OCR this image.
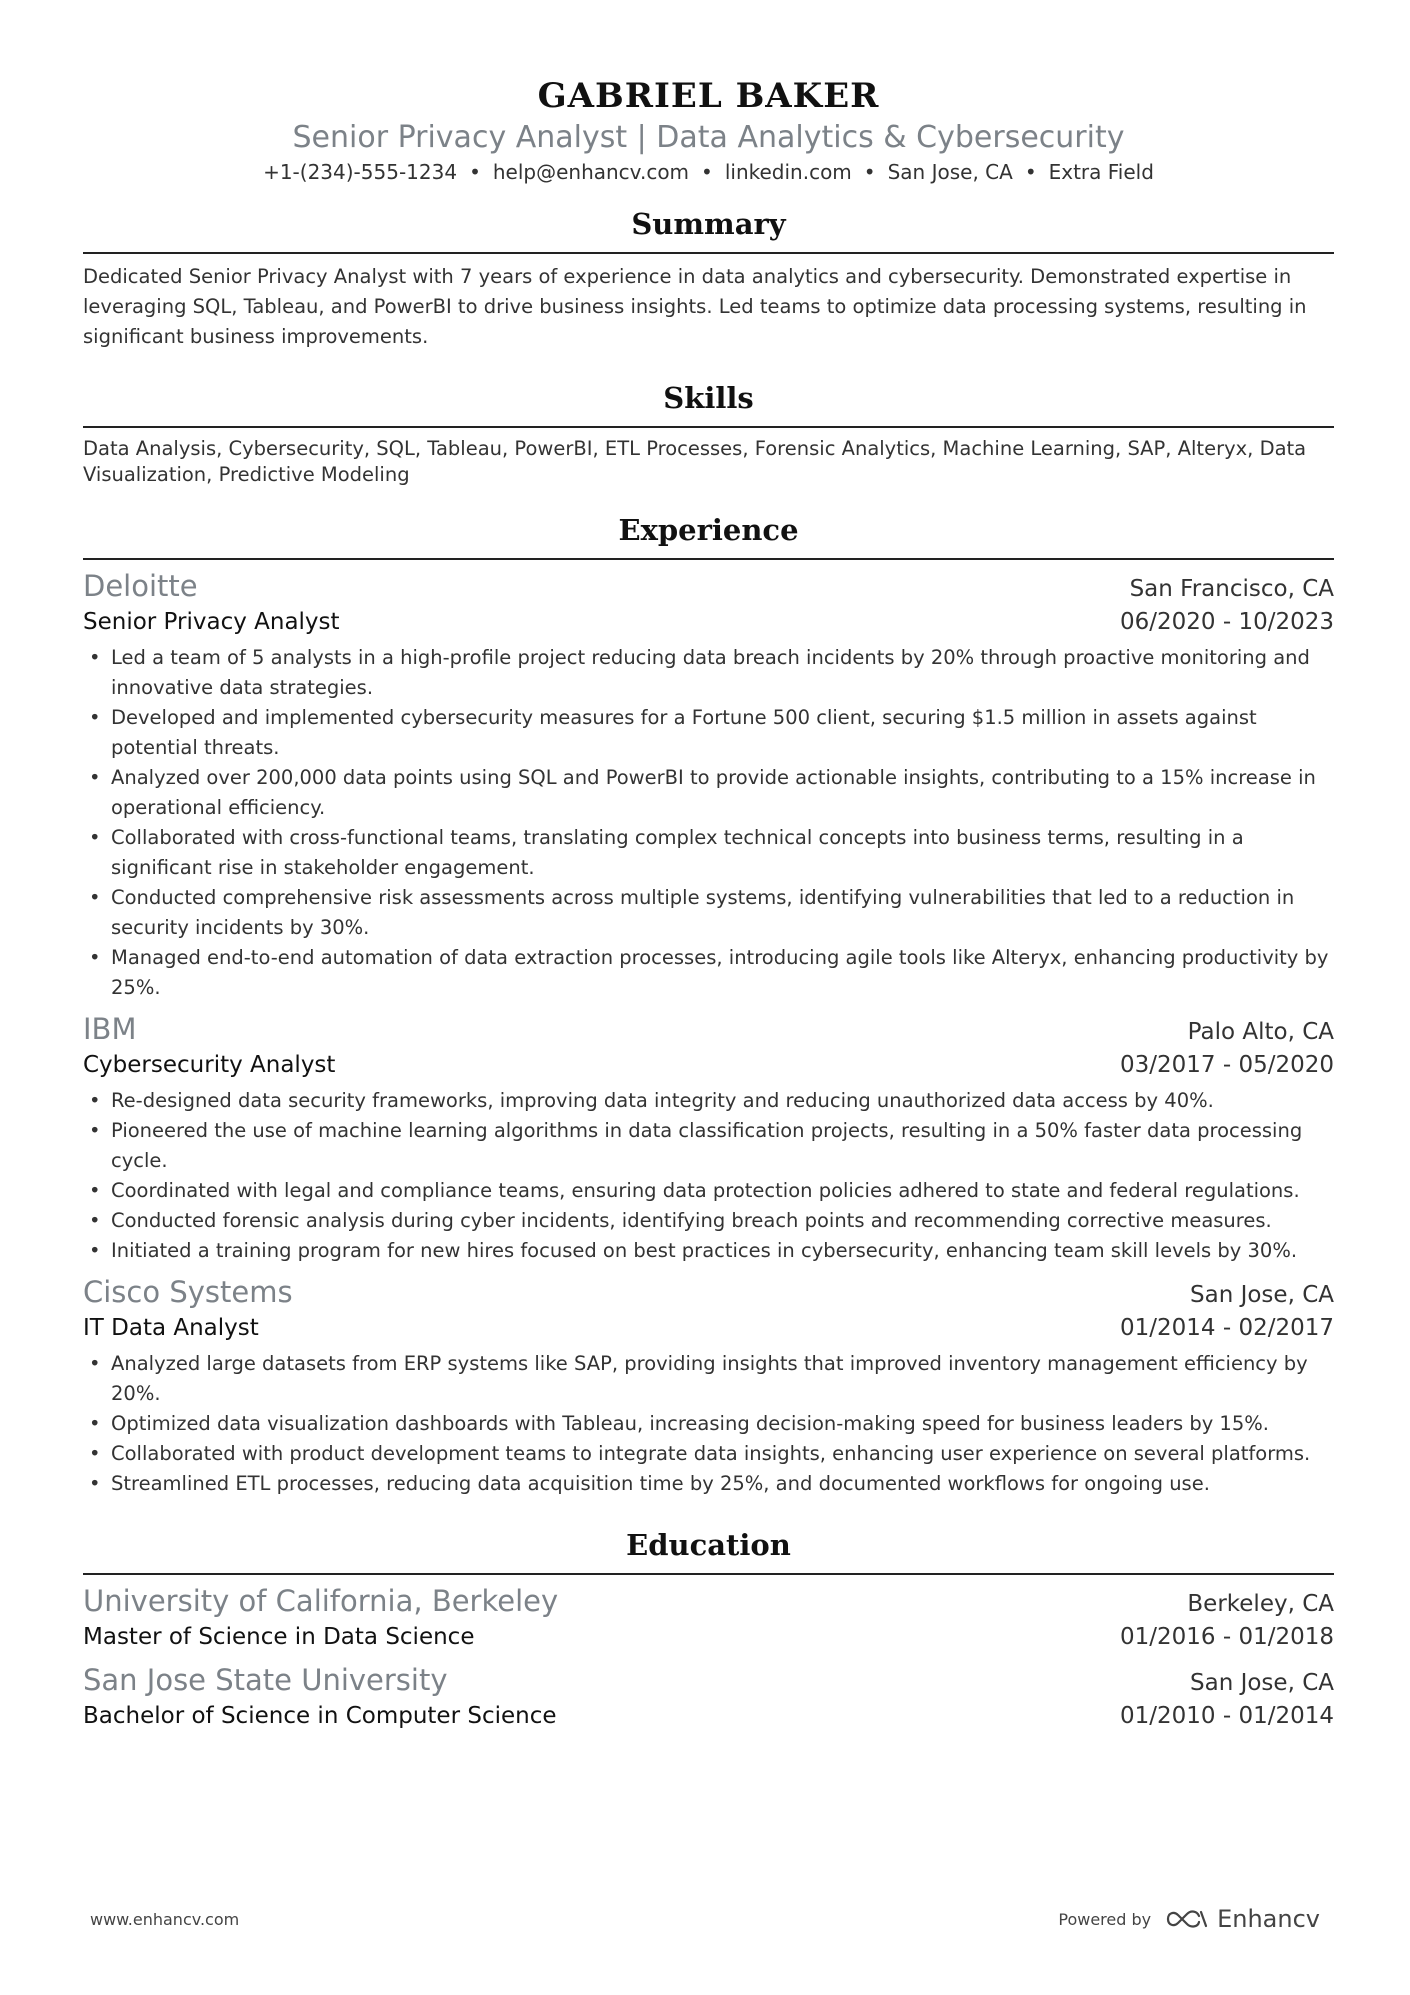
GABRIEL BAKER
Senior Privacy Analyst | Data Analytics & Cybersecurity
+1-(234)-555-1234 • help@enhancv.com • linkedin.com • San Jose, CA • Extra Field
Summary
Dedicated Senior Privacy Analyst with 7 years of experience in data analytics and cybersecurity. Demonstrated expertise in leveraging SQL, Tableau, and PowerBI to drive business insights. Led teams to optimize data processing systems, resulting in significant business improvements.
Skills
Data Analysis, Cybersecurity, SQL, Tableau, PowerBI, ETL Processes, Forensic Analytics, Machine Learning, SAP, Alteryx, Data Visualization, Predictive Modeling
Experience
Deloitte	San Francisco, CA
Senior Privacy Analyst	06/2020 - 10/2023
• Led a team of 5 analysts in a high-profile project reducing data breach incidents by 20% through proactive monitoring and innovative data strategies.
• Developed and implemented cybersecurity measures for a Fortune 500 client, securing $1.5 million in assets against potential threats.
• Analyzed over 200,000 data points using SQL and PowerBI to provide actionable insights, contributing to a 15% increase in operational efficiency.
• Collaborated with cross-functional teams, translating complex technical concepts into business terms, resulting in a significant rise in stakeholder engagement.
• Conducted comprehensive risk assessments across multiple systems, identifying vulnerabilities that led to a reduction in security incidents by 30%.
• Managed end-to-end automation of data extraction processes, introducing agile tools like Alteryx, enhancing productivity by 25%.
IBM	Palo Alto, CA
Cybersecurity Analyst	03/2017 - 05/2020
• Re-designed data security frameworks, improving data integrity and reducing unauthorized data access by 40%.
• Pioneered the use of machine learning algorithms in data classification projects, resulting in a 50% faster data processing cycle.
• Coordinated with legal and compliance teams, ensuring data protection policies adhered to state and federal regulations.
• Conducted forensic analysis during cyber incidents, identifying breach points and recommending corrective measures.
• Initiated a training program for new hires focused on best practices in cybersecurity, enhancing team skill levels by 30%.
Cisco Systems	San Jose, CA
IT Data Analyst	01/2014 - 02/2017
• Analyzed large datasets from ERP systems like SAP, providing insights that improved inventory management efficiency by 20%.
• Optimized data visualization dashboards with Tableau, increasing decision-making speed for business leaders by 15%.
• Collaborated with product development teams to integrate data insights, enhancing user experience on several platforms.
• Streamlined ETL processes, reducing data acquisition time by 25%, and documented workflows for ongoing use.
Education
University of California, Berkeley	Berkeley, CA
Master of Science in Data Science	01/2016 - 01/2018
San Jose State University	San Jose, CA
Bachelor of Science in Computer Science	01/2010 - 01/2014
www.enhancv.com	Powered by	Enhancv
